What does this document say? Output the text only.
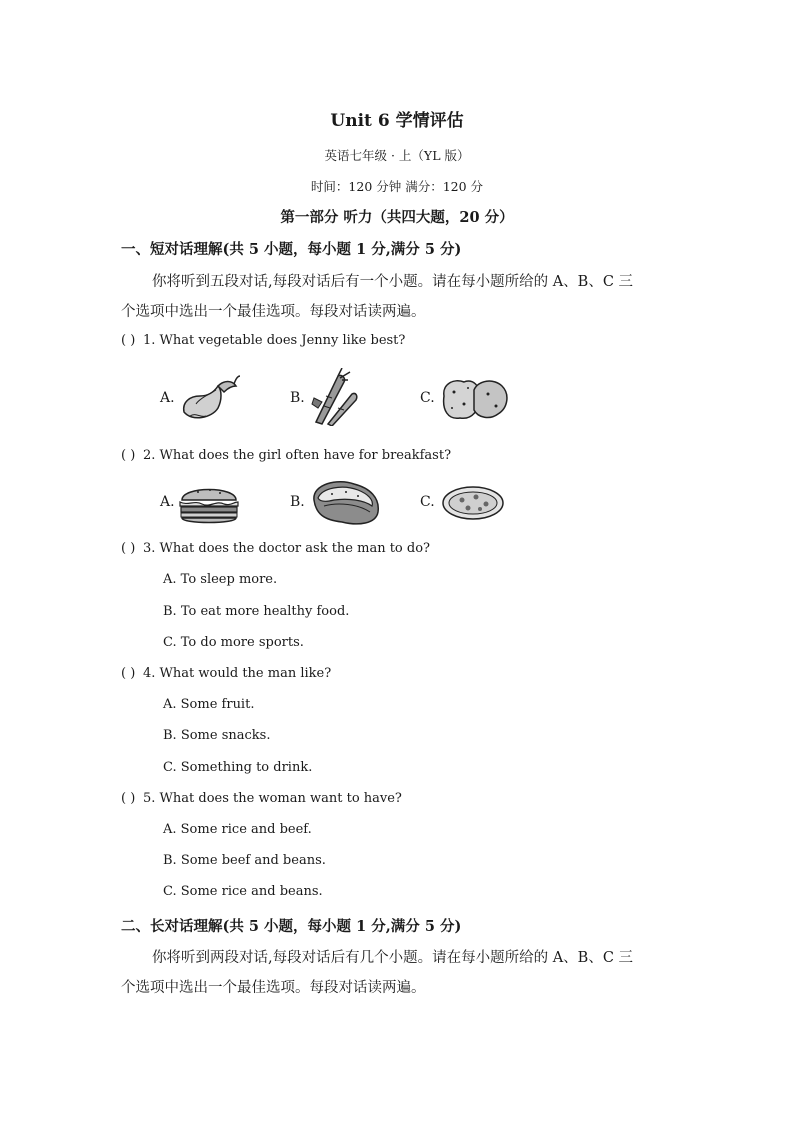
Unit 6 学情评估
英语七年级 · 上（YL 版）
时间：120 分钟 满分：120 分
第一部分 听力（共四大题，20 分）
一、短对话理解(共 5 小题，每小题 1 分,满分 5 分)
你将听到五段对话,每段对话后有一个小题。请在每小题所给的 A、B、C 三
个选项中选出一个最佳选项。每段对话读两遍。
( ) 1. What vegetable does Jenny like best?
A.	B.	C.
( ) 2. What does the girl often have for breakfast?
A.	B.	C.
( ) 3. What does the doctor ask the man to do?
A. To sleep more.
B. To eat more healthy food.
C. To do more sports.
( ) 4. What would the man like?
A. Some fruit.
B. Some snacks.
C. Something to drink.
( ) 5. What does the woman want to have?
A. Some rice and beef.
B. Some beef and beans.
C. Some rice and beans.
二、长对话理解(共 5 小题，每小题 1 分,满分 5 分)
你将听到两段对话,每段对话后有几个小题。请在每小题所给的 A、B、C 三
个选项中选出一个最佳选项。每段对话读两遍。
